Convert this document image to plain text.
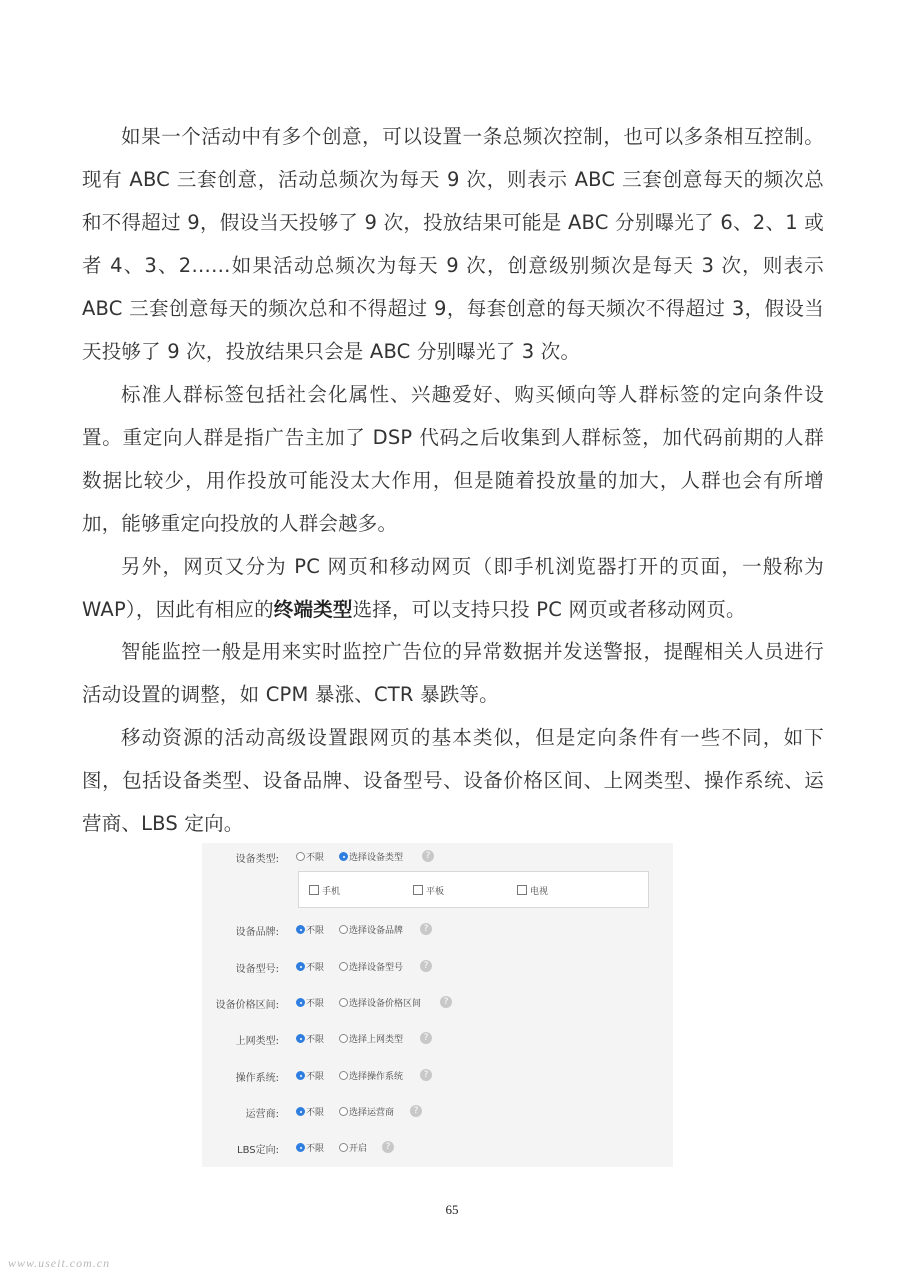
如果一个活动中有多个创意，可以设置一条总频次控制，也可以多条相互控制。现有 ABC 三套创意，活动总频次为每天 9 次，则表示 ABC 三套创意每天的频次总和不得超过 9，假设当天投够了 9 次，投放结果可能是 ABC 分别曝光了 6、2、1 或者 4、3、2……如果活动总频次为每天 9 次，创意级别频次是每天 3 次，则表示 ABC 三套创意每天的频次总和不得超过 9，每套创意的每天频次不得超过 3，假设当天投够了 9 次，投放结果只会是 ABC 分别曝光了 3 次。

标准人群标签包括社会化属性、兴趣爱好、购买倾向等人群标签的定向条件设置。重定向人群是指广告主加了 DSP 代码之后收集到人群标签，加代码前期的人群数据比较少，用作投放可能没太大作用，但是随着投放量的加大，人群也会有所增加，能够重定向投放的人群会越多。

另外，网页又分为 PC 网页和移动网页（即手机浏览器打开的页面，一般称为 WAP），因此有相应的终端类型选择，可以支持只投 PC 网页或者移动网页。

智能监控一般是用来实时监控广告位的异常数据并发送警报，提醒相关人员进行活动设置的调整，如 CPM 暴涨、CTR 暴跌等。

移动资源的活动高级设置跟网页的基本类似，但是定向条件有一些不同，如下图，包括设备类型、设备品牌、设备型号、设备价格区间、上网类型、操作系统、运营商、LBS 定向。

设备类型:	不限	选择设备类型	?
手机	平板	电视
设备品牌:	不限	选择设备品牌	?
设备型号:	不限	选择设备型号	?
设备价格区间:	不限	选择设备价格区间	?
上网类型:	不限	选择上网类型	?
操作系统:	不限	选择操作系统	?
运营商:	不限	选择运营商	?
LBS定向:	不限	开启	?
65
www.useit.com.cn
